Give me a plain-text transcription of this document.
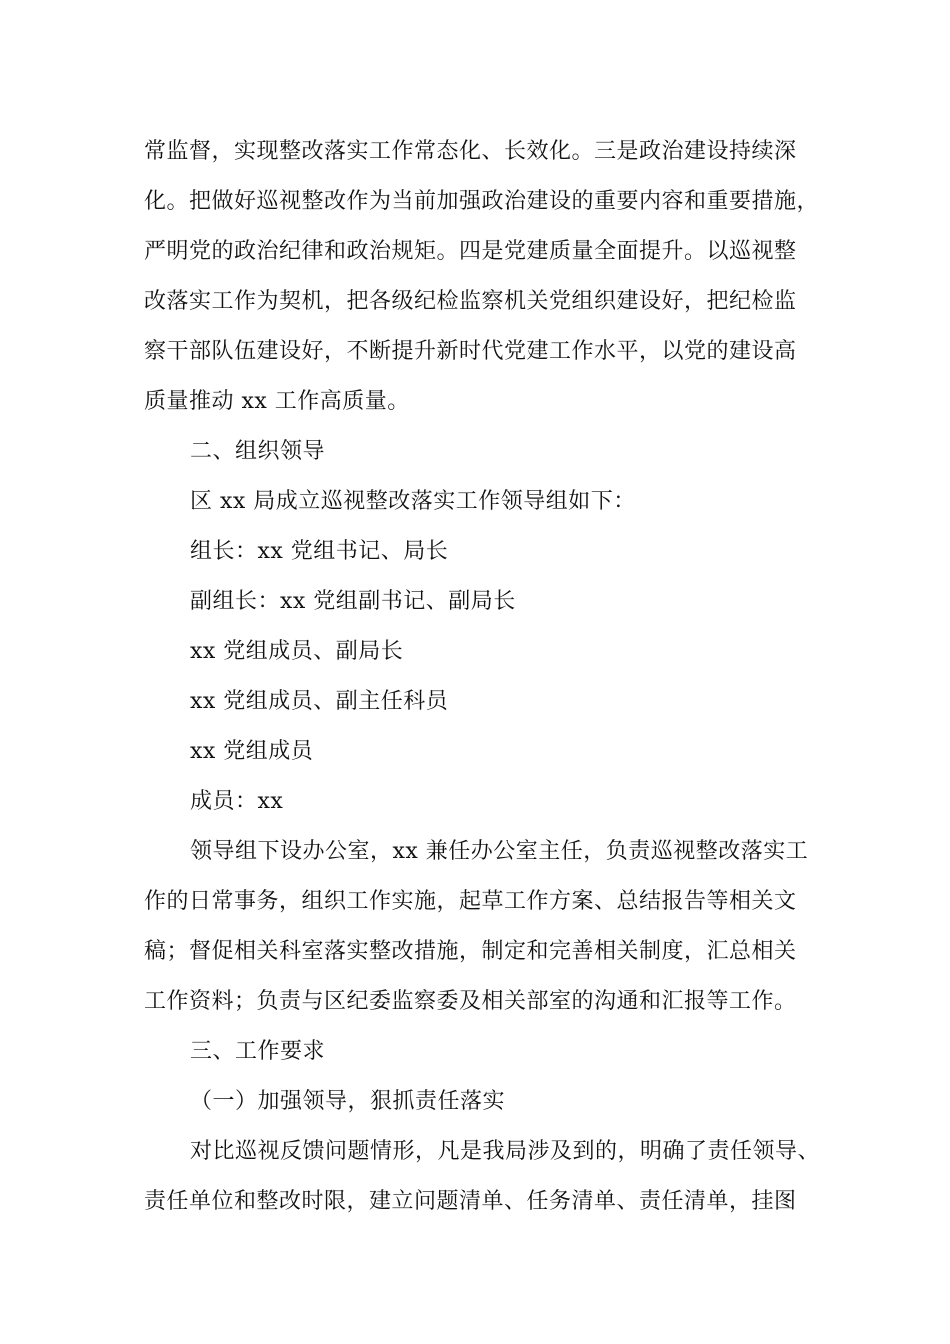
常监督，实现整改落实工作常态化、长效化。三是政治建设持续深
化。把做好巡视整改作为当前加强政治建设的重要内容和重要措施，
严明党的政治纪律和政治规矩。四是党建质量全面提升。以巡视整
改落实工作为契机，把各级纪检监察机关党组织建设好，把纪检监
察干部队伍建设好，不断提升新时代党建工作水平，以党的建设高
质量推动 xx 工作高质量。
二、组织领导
区 xx 局成立巡视整改落实工作领导组如下：
组长：xx 党组书记、局长
副组长：xx 党组副书记、副局长
xx 党组成员、副局长
xx 党组成员、副主任科员
xx 党组成员
成员：xx
领导组下设办公室，xx 兼任办公室主任，负责巡视整改落实工
作的日常事务，组织工作实施，起草工作方案、总结报告等相关文
稿；督促相关科室落实整改措施，制定和完善相关制度，汇总相关
工作资料；负责与区纪委监察委及相关部室的沟通和汇报等工作。
三、工作要求
（一）加强领导，狠抓责任落实
对比巡视反馈问题情形，凡是我局涉及到的，明确了责任领导、
责任单位和整改时限，建立问题清单、任务清单、责任清单，挂图
